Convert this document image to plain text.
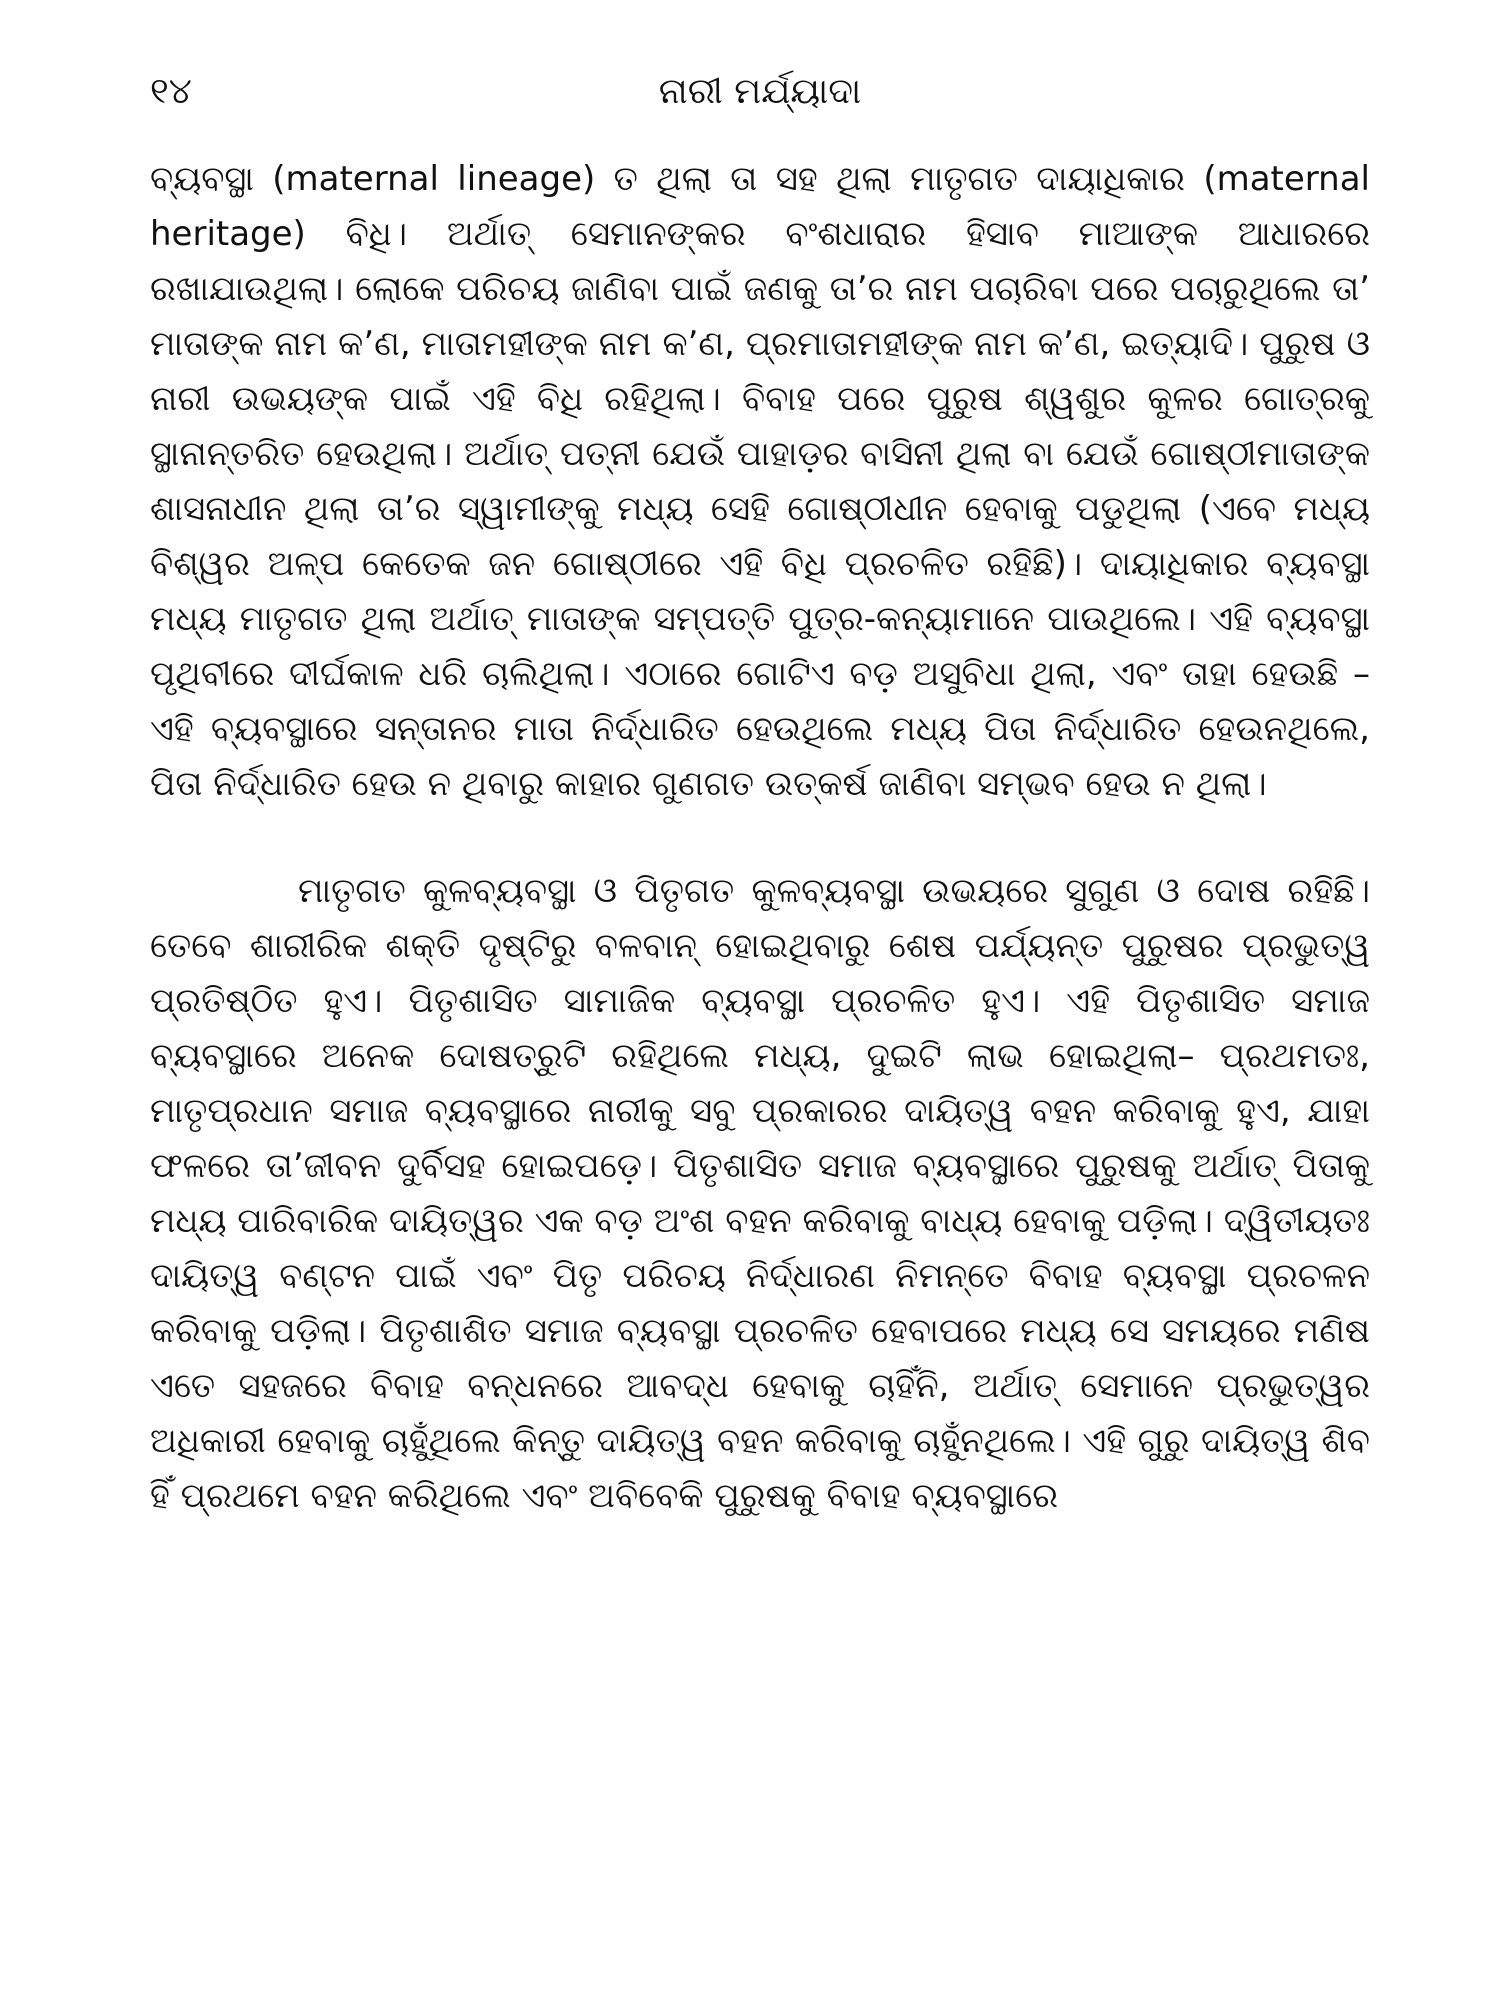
୧୪	ନାରୀ ମର୍ଯ୍ୟାଦା

ବ୍ୟବସ୍ଥା (maternal lineage) ତ ଥିଲା ତା ସହ ଥିଲା ମାତୃଗତ ଦାୟାଧିକାର (maternal heritage) ବିଧି। ଅର୍ଥାତ୍ ସେମାନଙ୍କର ବଂଶଧାରାର ହିସାବ ମାଆଙ୍କ ଆଧାରରେ ରଖାଯାଉଥିଲା। ଲୋକେ ପରିଚୟ ଜାଣିବା ପାଇଁ ଜଣକୁ ତା’ର ନାମ ପଚାରିବା ପରେ ପଚାରୁଥିଲେ ତା’ ମାତାଙ୍କ ନାମ କ’ଣ, ମାତାମହୀଙ୍କ ନାମ କ’ଣ, ପ୍ରମାତାମହୀଙ୍କ ନାମ କ’ଣ, ଇତ୍ୟାଦି। ପୁରୁଷ ଓ ନାରୀ ଉଭୟଙ୍କ ପାଇଁ ଏହି ବିଧି ରହିଥିଲା। ବିବାହ ପରେ ପୁରୁଷ ଶ୍ୱଶୁର କୁଳର ଗୋତ୍ରକୁ ସ୍ଥାନାନ୍ତରିତ ହେଉଥିଲା। ଅର୍ଥାତ୍ ପତ୍ନୀ ଯେଉଁ ପାହାଡ଼ର ବାସିନୀ ଥିଲା ବା ଯେଉଁ ଗୋଷ୍ଠୀମାତାଙ୍କ ଶାସନାଧୀନ ଥିଲା ତା’ର ସ୍ୱାମୀଙ୍କୁ ମଧ୍ୟ ସେହି ଗୋଷ୍ଠୀଧୀନ ହେବାକୁ ପଡୁଥିଲା (ଏବେ ମଧ୍ୟ ବିଶ୍ୱର ଅଳ୍ପ କେତେକ ଜନ ଗୋଷ୍ଠୀରେ ଏହି ବିଧି ପ୍ରଚଳିତ ରହିଛି)। ଦାୟାଧିକାର ବ୍ୟବସ୍ଥା ମଧ୍ୟ ମାତୃଗତ ଥିଲା ଅର୍ଥାତ୍ ମାତାଙ୍କ ସମ୍ପତ୍ତି ପୁତ୍ର-କନ୍ୟାମାନେ ପାଉଥିଲେ। ଏହି ବ୍ୟବସ୍ଥା ପୃଥିବୀରେ ଦୀର୍ଘକାଳ ଧରି ଚାଲିଥିଲା। ଏଠାରେ ଗୋଟିଏ ବଡ଼ ଅସୁବିଧା ଥିଲା, ଏବଂ ତାହା ହେଉଛି – ଏହି ବ୍ୟବସ୍ଥାରେ ସନ୍ତାନର ମାତା ନିର୍ଦ୍ଧାରିତ ହେଉଥିଲେ ମଧ୍ୟ ପିତା ନିର୍ଦ୍ଧାରିତ ହେଉନଥିଲେ, ପିତା ନିର୍ଦ୍ଧାରିତ ହେଉ ନ ଥିବାରୁ କାହାର ଗୁଣଗତ ଉତ୍କର୍ଷ ଜାଣିବା ସମ୍ଭବ ହେଉ ନ ଥିଲା।

ମାତୃଗତ କୁଳବ୍ୟବସ୍ଥା ଓ ପିତୃଗତ କୁଳବ୍ୟବସ୍ଥା ଉଭୟରେ ସୁଗୁଣ ଓ ଦୋଷ ରହିଛି। ତେବେ ଶାରୀରିକ ଶକ୍ତି ଦୃଷ୍ଟିରୁ ବଳବାନ୍ ହୋଇଥିବାରୁ ଶେଷ ପର୍ଯ୍ୟନ୍ତ ପୁରୁଷର ପ୍ରଭୁତ୍ୱ ପ୍ରତିଷ୍ଠିତ ହୁଏ। ପିତୃଶାସିତ ସାମାଜିକ ବ୍ୟବସ୍ଥା ପ୍ରଚଳିତ ହୁଏ। ଏହି ପିତୃଶାସିତ ସମାଜ ବ୍ୟବସ୍ଥାରେ ଅନେକ ଦୋଷତ୍ରୁଟି ରହିଥିଲେ ମଧ୍ୟ, ଦୁଇଟି ଲାଭ ହୋଇଥିଲା– ପ୍ରଥମତଃ, ମାତୃପ୍ରଧାନ ସମାଜ ବ୍ୟବସ୍ଥାରେ ନାରୀକୁ ସବୁ ପ୍ରକାରର ଦାୟିତ୍ୱ ବହନ କରିବାକୁ ହୁଏ, ଯାହା ଫଳରେ ତା’ଜୀବନ ଦୁର୍ବିସହ ହୋଇପଡ଼େ। ପିତୃଶାସିତ ସମାଜ ବ୍ୟବସ୍ଥାରେ ପୁରୁଷକୁ ଅର୍ଥାତ୍ ପିତାକୁ ମଧ୍ୟ ପାରିବାରିକ ଦାୟିତ୍ୱର ଏକ ବଡ଼ ଅଂଶ ବହନ କରିବାକୁ ବାଧ୍ୟ ହେବାକୁ ପଡ଼ିଲା। ଦ୍ୱିତୀୟତଃ ଦାୟିତ୍ୱ ବଣ୍ଟନ ପାଇଁ ଏବଂ ପିତୃ ପରିଚୟ ନିର୍ଦ୍ଧାରଣ ନିମନ୍ତେ ବିବାହ ବ୍ୟବସ୍ଥା ପ୍ରଚଳନ କରିବାକୁ ପଡ଼ିଲା। ପିତୃଶାଶିତ ସମାଜ ବ୍ୟବସ୍ଥା ପ୍ରଚଳିତ ହେବାପରେ ମଧ୍ୟ ସେ ସମୟରେ ମଣିଷ ଏତେ ସହଜରେ ବିବାହ ବନ୍ଧନରେ ଆବଦ୍ଧ ହେବାକୁ ଚାହିଁନି, ଅର୍ଥାତ୍ ସେମାନେ ପ୍ରଭୁତ୍ୱର ଅଧିକାରୀ ହେବାକୁ ଚାହୁଁଥିଲେ କିନ୍ତୁ ଦାୟିତ୍ୱ ବହନ କରିବାକୁ ଚାହୁଁନଥିଲେ। ଏହି ଗୁରୁ ଦାୟିତ୍ୱ ଶିବ ହିଁ ପ୍ରଥମେ ବହନ କରିଥିଲେ ଏବଂ ଅବିବେକି ପୁରୁଷକୁ ବିବାହ ବ୍ୟବସ୍ଥାରେ
